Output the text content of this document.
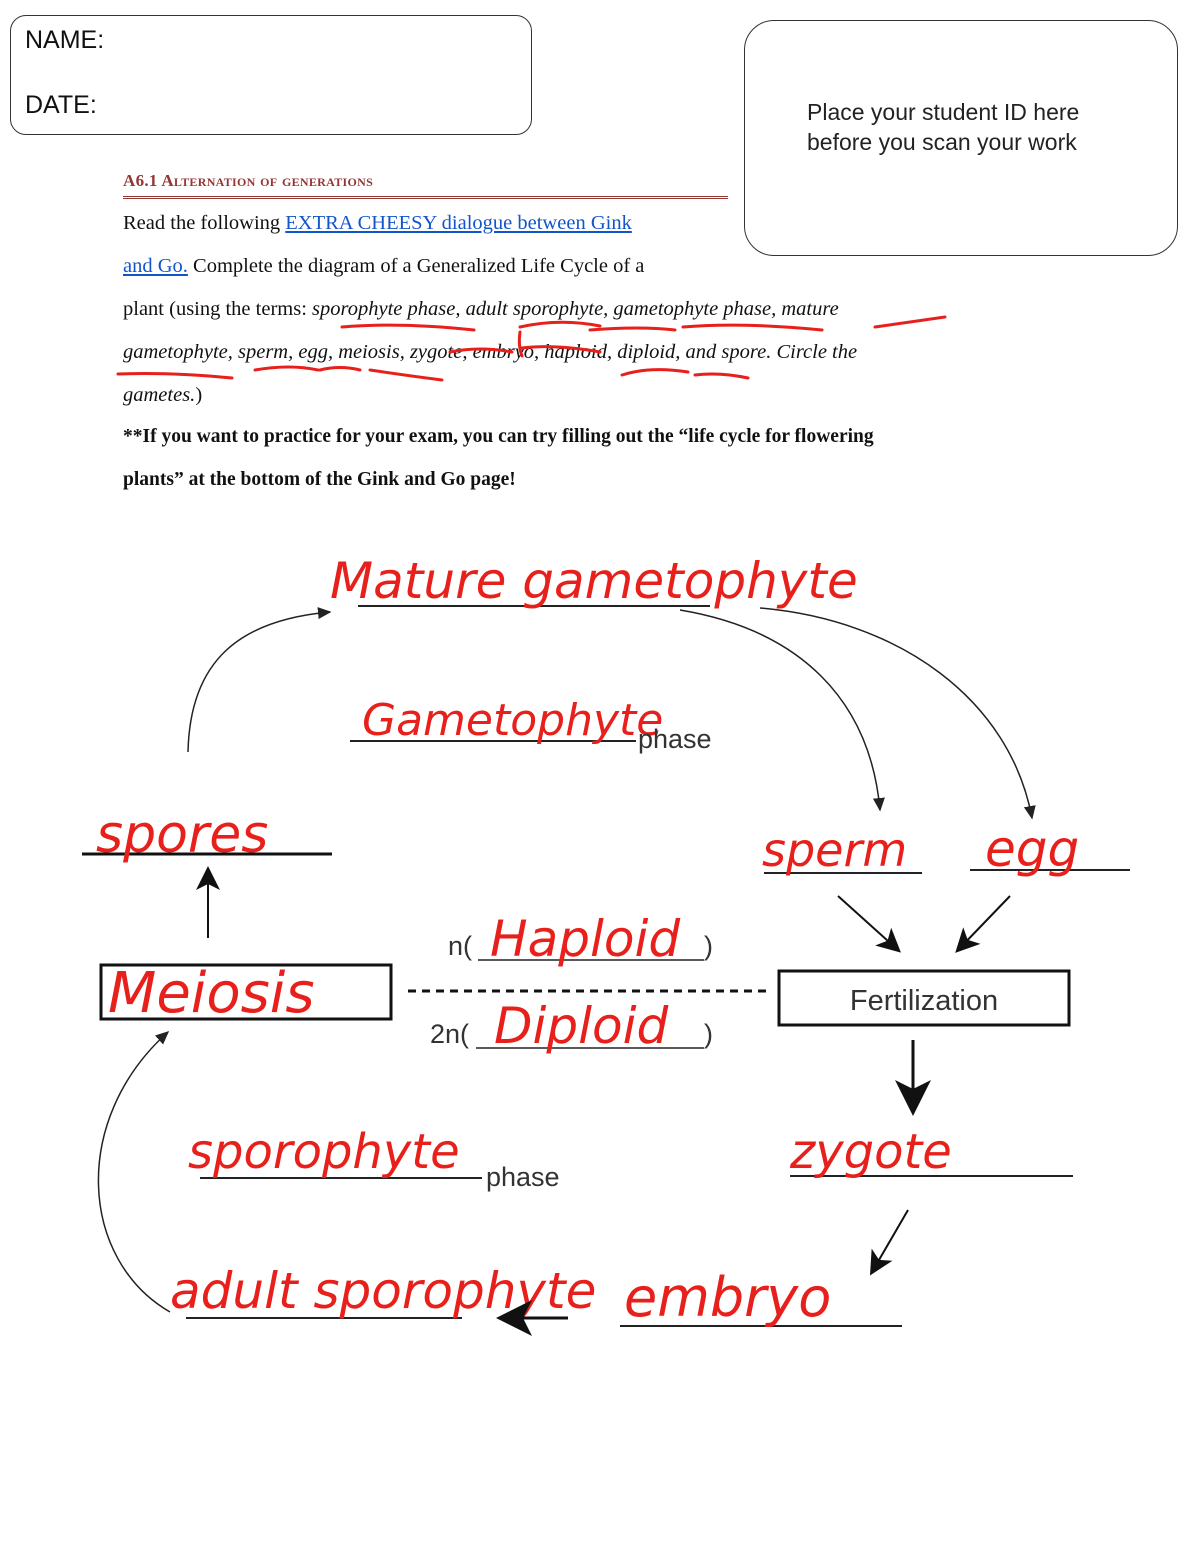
NAME:
DATE:	Place your student ID here before you scan your work
A6.1 Alternation of generations
Read the following EXTRA CHEESY dialogue between Gink
and Go. Complete the diagram of a Generalized Life Cycle of a
plant (using the terms: sporophyte phase, adult sporophyte, gametophyte phase, mature
gametophyte, sperm, egg, meiosis, zygote, embryo, haploid, diploid, and spore. Circle the
gametes.)
**If you want to practice for your exam, you can try filling out the “life cycle for flowering
plants” at the bottom of the Gink and Go page!
Mature gametophyte
Gametophyte
phase
spores	sperm egg
n(	)
Haploid
Meiosis	Fertilization
2n(	)
Diploid
sporophyte phase	zygote
adult sporophyte embryo
